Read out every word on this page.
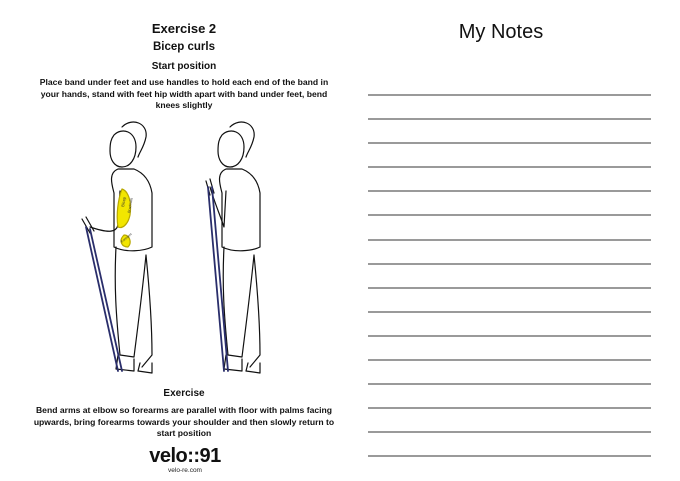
Exercise 2
Bicep curls
Start position
Place band under feet and use handles to hold each end of the band in your hands, stand with feet hip width apart with band under feet, bend knees slightly
Bicep Brachialis
Forearm
Exercise
Bend arms at elbow so forearms are parallel with floor with palms facing upwards, bring forearms towards your shoulder and then slowly return to start position
velo::91
velo-re.com
My Notes
